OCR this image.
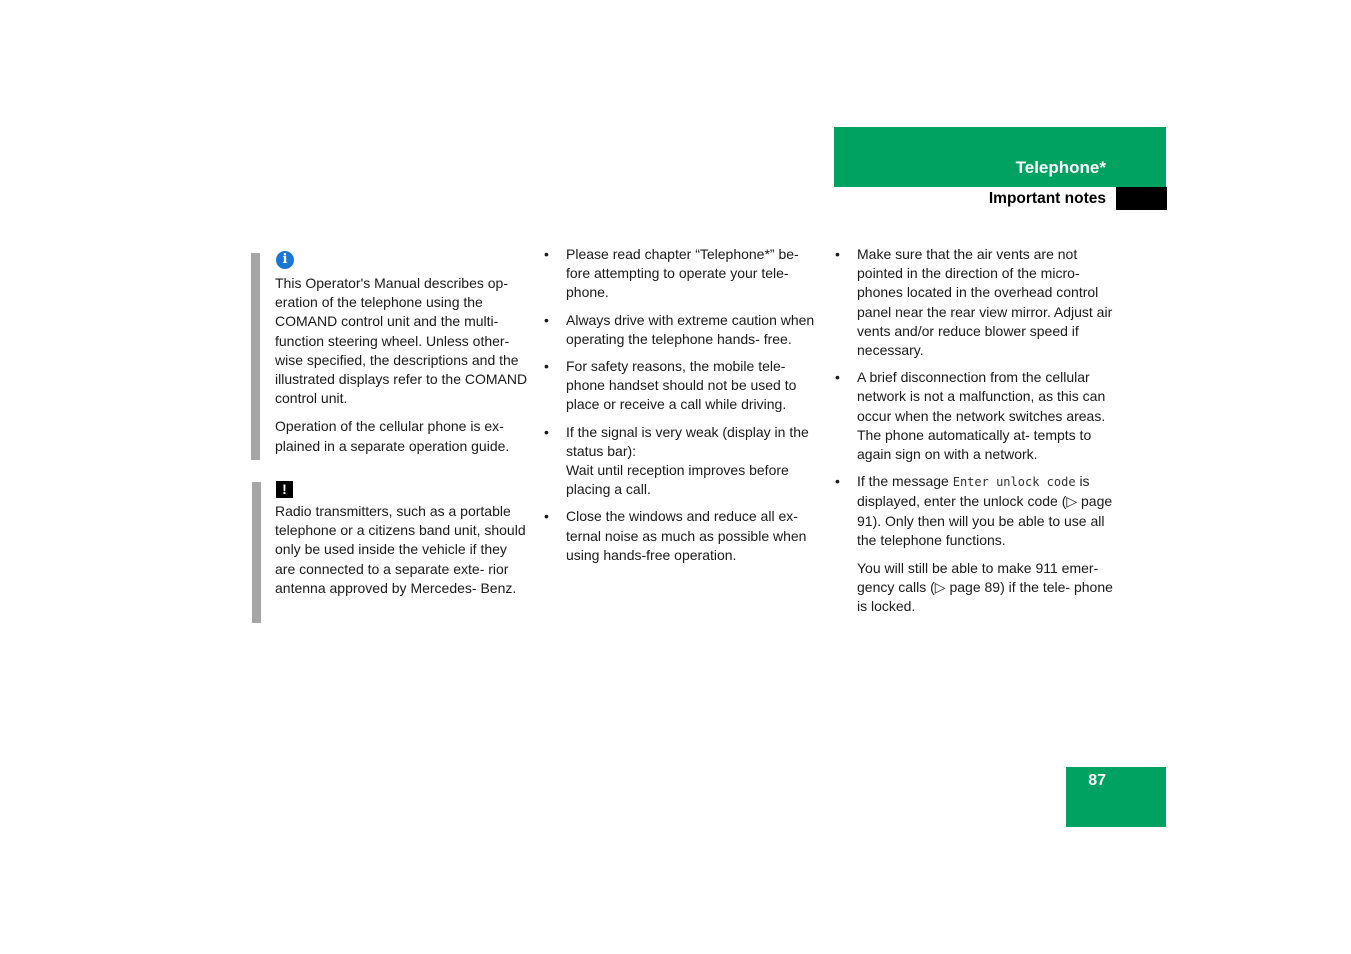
Telephone*
Important notes
i

This Operator's Manual describes op- eration of the telephone using the COMAND control unit and the multi- function steering wheel. Unless other- wise specified, the descriptions and the illustrated displays refer to the COMAND control unit.

Operation of the cellular phone is ex- plained in a separate operation guide.

!

Radio transmitters, such as a portable telephone or a citizens band unit, should only be used inside the vehicle if they are connected to a separate exte- rior antenna approved by Mercedes- Benz.

• Please read chapter “Telephone*” be- fore attempting to operate your tele- phone.

• Always drive with extreme caution when operating the telephone hands- free.

• For safety reasons, the mobile tele- phone handset should not be used to place or receive a call while driving.

• If the signal is very weak (display in the status bar):

Wait until reception improves before placing a call.

• Close the windows and reduce all ex- ternal noise as much as possible when using hands-free operation.

• Make sure that the air vents are not pointed in the direction of the micro- phones located in the overhead control panel near the rear view mirror. Adjust air vents and/or reduce blower speed if necessary.

• A brief disconnection from the cellular network is not a malfunction, as this can occur when the network switches areas. The phone automatically at- tempts to again sign on with a network.

• If the message Enter unlock code is displayed, enter the unlock code (▷ page 91). Only then will you be able to use all the telephone functions.

You will still be able to make 911 emer- gency calls (▷ page 89) if the tele- phone is locked.

87
